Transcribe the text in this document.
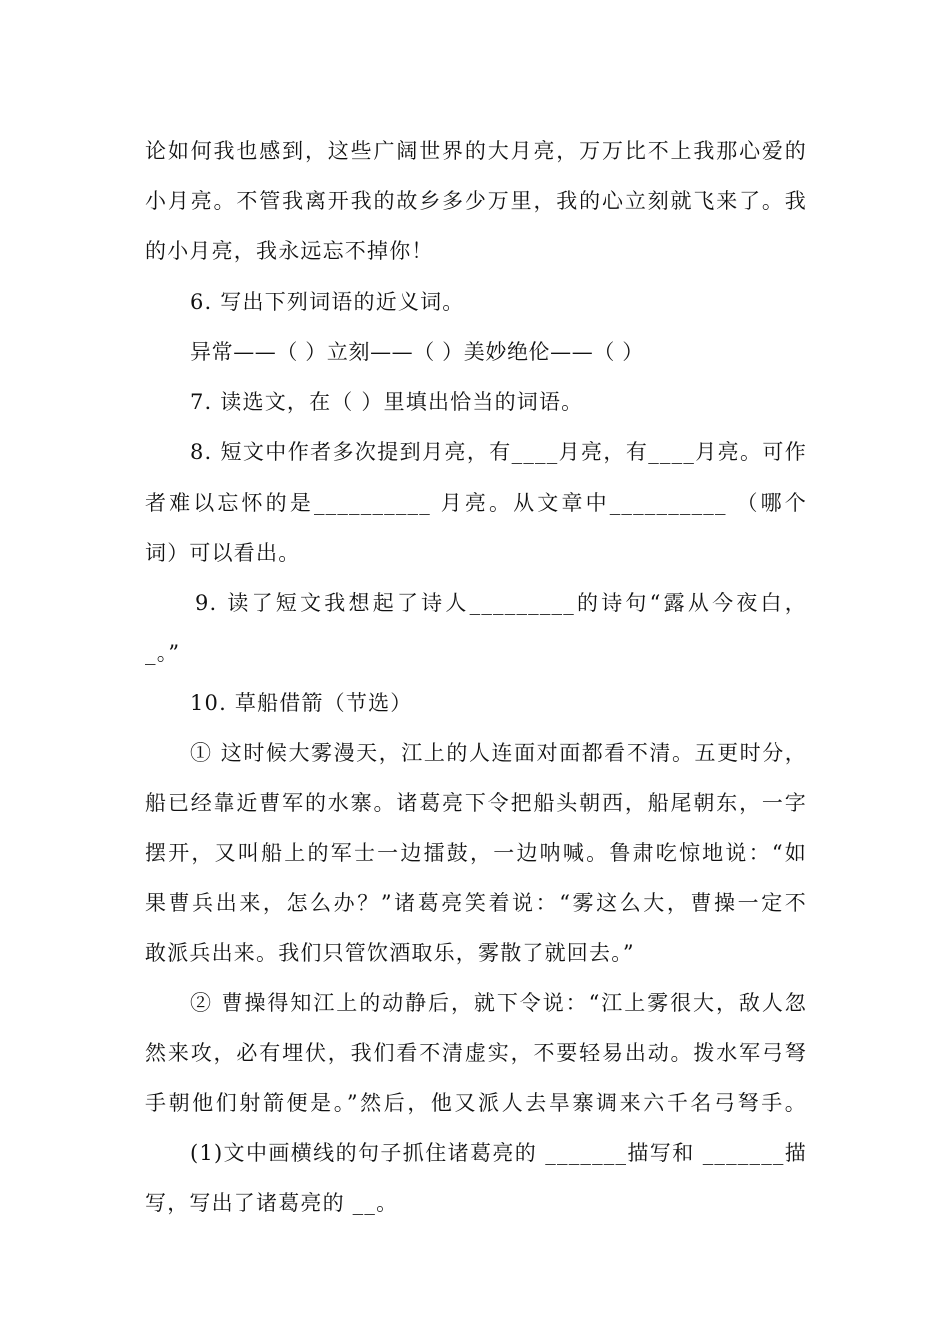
论如何我也感到，这些广阔世界的大月亮，万万比不上我那心爱的
小月亮。不管我离开我的故乡多少万里，我的心立刻就飞来了。我
的小月亮，我永远忘不掉你！
6. 写出下列词语的近义词。
异常——（ ）立刻——（ ）美妙绝伦——（ ）
7. 读选文，在（ ）里填出恰当的词语。
8. 短文中作者多次提到月亮，有____月亮，有____月亮。可作
者难以忘怀的是__________ 月亮。从文章中__________ （哪个
词）可以看出。
9. 读了短文我想起了诗人_________的诗句“露从今夜白，
_。”
10. 草船借箭（节选）
① 这时候大雾漫天，江上的人连面对面都看不清。五更时分，
船已经靠近曹军的水寨。诸葛亮下令把船头朝西，船尾朝东，一字
摆开，又叫船上的军士一边擂鼓，一边呐喊。鲁肃吃惊地说：“如
果曹兵出来，怎么办？”诸葛亮笑着说：“雾这么大，曹操一定不
敢派兵出来。我们只管饮酒取乐，雾散了就回去。”
② 曹操得知江上的动静后，就下令说：“江上雾很大，敌人忽
然来攻，必有埋伏，我们看不清虚实，不要轻易出动。拨水军弓弩
手朝他们射箭便是。”然后，他又派人去旱寨调来六千名弓弩手。
(1)文中画横线的句子抓住诸葛亮的 _______描写和 _______描
写，写出了诸葛亮的 __。
